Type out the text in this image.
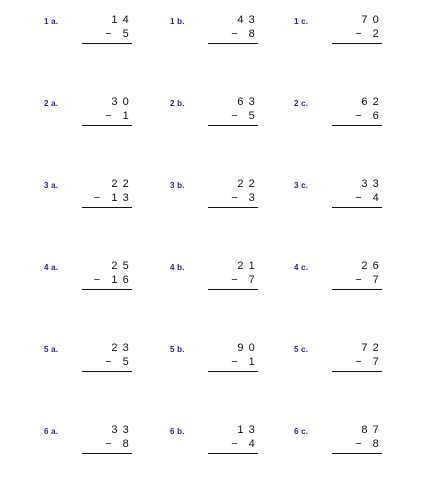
1 a.	14
− 5
1 b.	43
− 8
1 c.	70
− 2
2 a.	30
− 1
2 b.	63
− 5
2 c.	62
− 6
3 a.	22
− 13
3 b.	22
− 3
3 c.	33
− 4
4 a.	25
− 16
4 b.	21
− 7
4 c.	26
− 7
5 a.	23
− 5
5 b.	90
− 1
5 c.	72
− 7
6 a.	33
− 8
6 b.	13
− 4
6 c.	87
− 8
